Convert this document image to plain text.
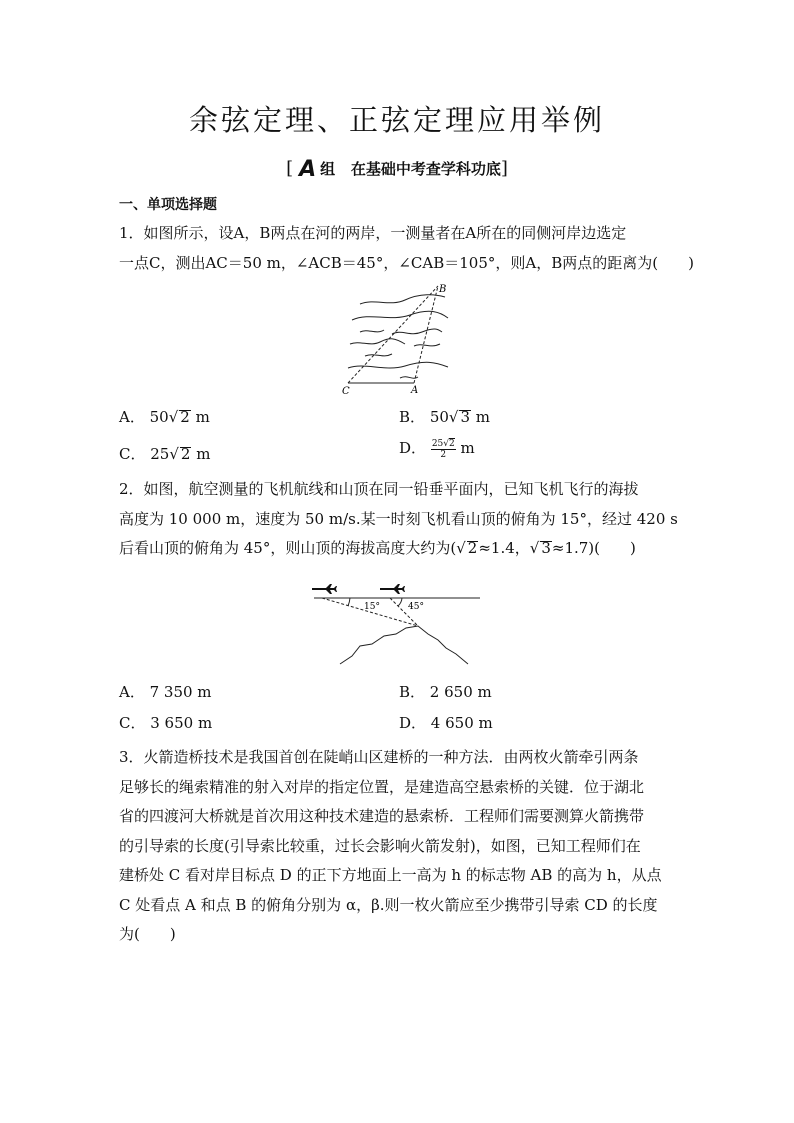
余弦定理、正弦定理应用举例
[ A 组 在基础中考查学科功底]
一、单项选择题
1．如图所示，设A，B两点在河的两岸，一测量者在A所在的同侧河岸边选定
一点C，测出AC＝50 m，∠ACB＝45°，∠CAB＝105°，则A，B两点的距离为(　　)
C	A
B
A． 50√ 2 m	B． 50√ 3 m
C． 25√ 2 m	D． $\frac{25√2}{2}$ m
2．如图，航空测量的飞机航线和山顶在同一铅垂平面内，已知飞机飞行的海拔
高度为 10 000 m，速度为 50 m/s.某一时刻飞机看山顶的俯角为 15°，经过 420 s
后看山顶的俯角为 45°，则山顶的海拔高度大约为(√ 2≈1.4，√ 3≈1.7)(　　)
15°	45°
A． 7 350 m	B． 2 650 m
C． 3 650 m	D． 4 650 m
3．火箭造桥技术是我国首创在陡峭山区建桥的一种方法．由两枚火箭牵引两条
足够长的绳索精准的射入对岸的指定位置，是建造高空悬索桥的关键．位于湖北
省的四渡河大桥就是首次用这种技术建造的悬索桥．工程师们需要测算火箭携带
的引导索的长度(引导索比较重，过长会影响火箭发射)，如图，已知工程师们在
建桥处 C 看对岸目标点 D 的正下方地面上一高为 h 的标志物 AB 的高为 h，从点
C 处看点 A 和点 B 的俯角分别为 α，β.则一枚火箭应至少携带引导索 CD 的长度
为(　　)
